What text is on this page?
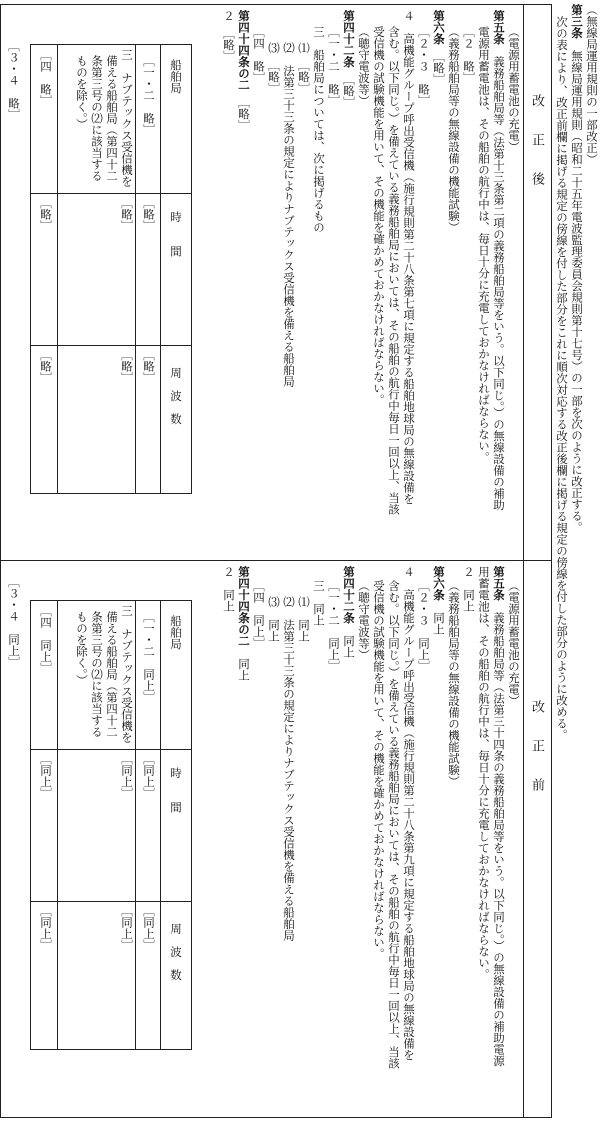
（無線局運用規則の一部改正）
第三条　無線局運用規則（昭和二十五年電波監理委員会規則第十七号）の一部を次のように改正する。
次の表により、改正前欄に掲げる規定の傍線を付した部分をこれに順次対応する改正後欄に掲げる規定の傍線を付した部分のように改める。
改　　正　　後
（電源用蓄電池の充電）
第五条　義務船舶局等（法第十三条第二項の義務船舶局等をいう。以下同じ。）の無線設備の補助
電源用蓄電池は、その船舶の航行中は、毎日十分に充電しておかなければならない。
［２　略］
（義務船舶局等の無線設備の機能試験）
第六条　［略］
［２・３　略］
４　高機能グループ呼出受信機（施行規則第二十八条第七項に規定する船舶地球局の無線設備を
含む。以下同じ。）を備えている義務船舶局においては、その船舶の航行中毎日一回以上、当該
受信機の試験機能を用いて、その機能を確かめておかなければならない。
（聴守電波等）
第四十二条　［略］
［一・二　略］
三　船舶局については、次に掲げるもの
⑴　［略］
⑵　法第三十三条の規定によりナブテックス受信機を備える船舶局
⑶　［略］
［四　略］
第四十四条の二　［略］
２　［略］
船舶局
時　　間
周　波　数
［一・二　略］
［略］
［略］
三　ナブテックス受信機を
備える船舶局（第四十二
条第三号の⑵に該当する
ものを除く。）
［略］
［略］
［四　略］
［略］
［略］
［３・４　略］
改　　正　　前
（電源用蓄電池の充電）
第五条　義務船舶局等（法第三十四条の義務船舶局等をいう。以下同じ。）の無線設備の補助電源
用蓄電池は、その船舶の航行中は、毎日十分に充電しておかなければならない。
２　同上
（義務船舶局等の無線設備の機能試験）
第六条　同上
［２・３　同上］
４　高機能グループ呼出受信機（施行規則第二十八条第九項に規定する船舶地球局の無線設備を
含む。以下同じ。）を備えている義務船舶局においては、その船舶の航行中毎日一回以上、当該
受信機の試験機能を用いて、その機能を確かめておかなければならない。
（聴守電波等）
第四十二条　同上
［一・二　同上］
三　同上
⑴　同上
⑵　法第三十三条の規定によりナブテックス受信機を備える船舶局
⑶　同上
［四　同上］
第四十四条の二　同上
２　同上
船舶局
時　　間
周　波　数
［一・二　同上］
［同上］
［同上］
三　ナブテックス受信機を
備える船舶局（第四十二
条第三号の⑵に該当する
ものを除く。）
［同上］
［同上］
［四　同上］
［同上］
［同上］
［３・４　同上］
